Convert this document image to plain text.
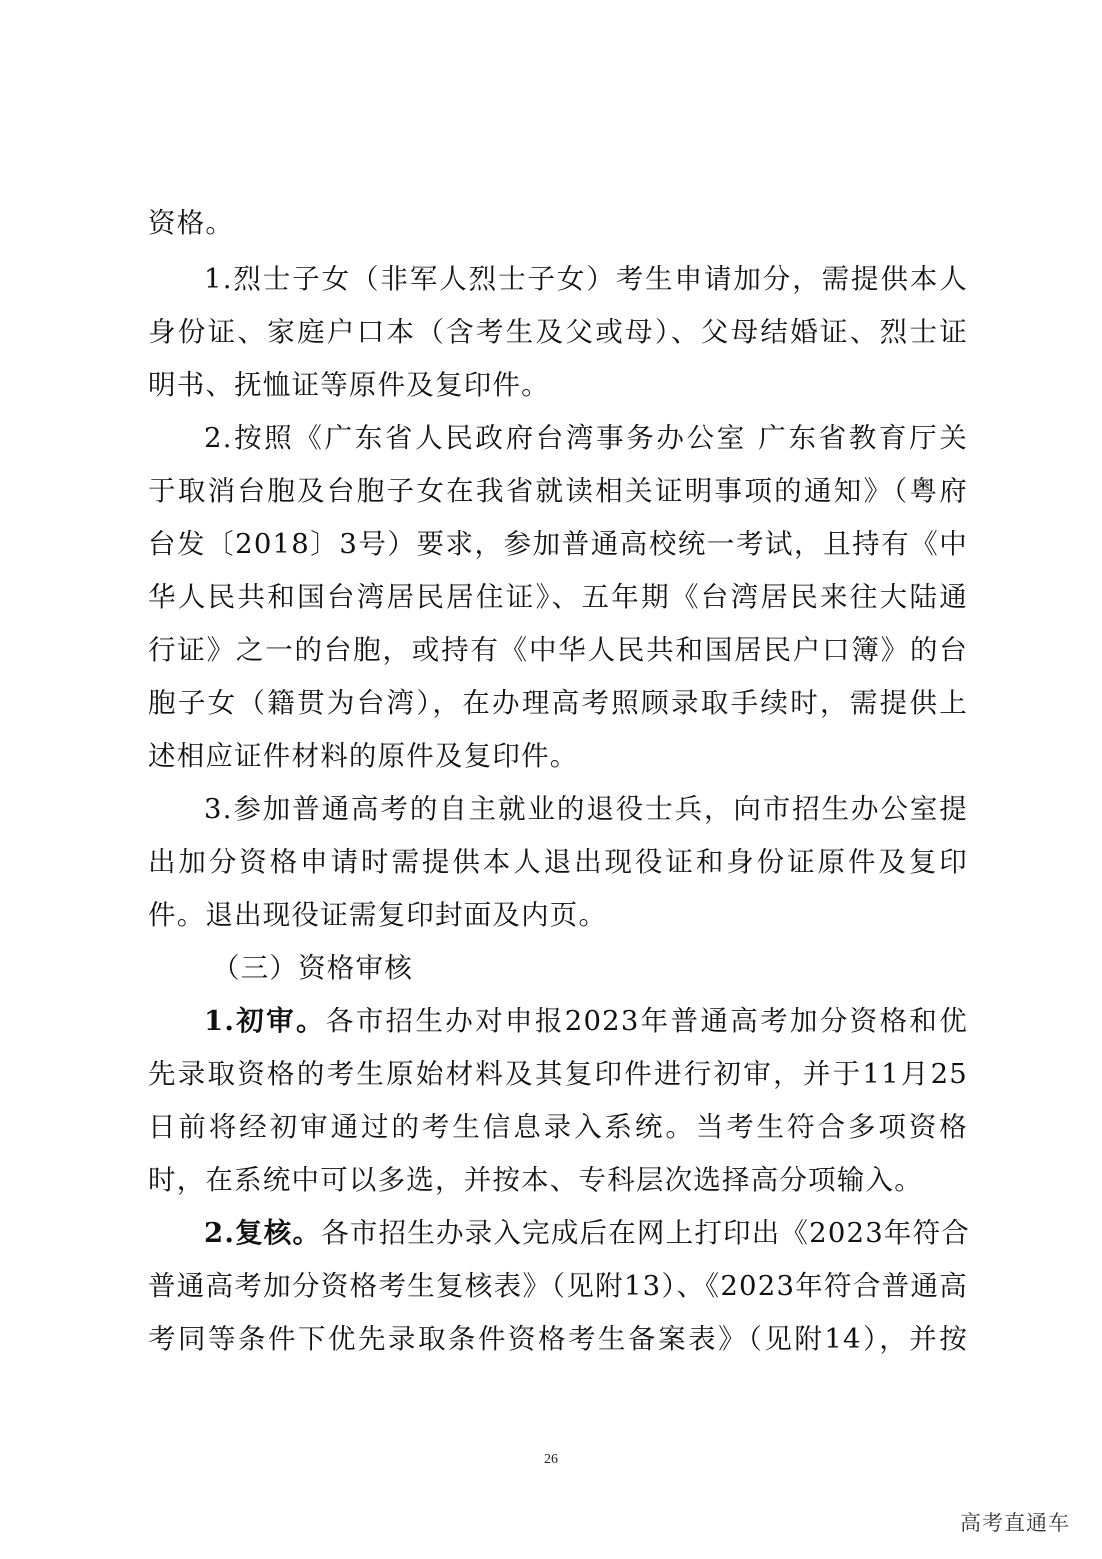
资格。
1.烈士子女（非军人烈士子女）考生申请加分，需提供本人
身份证、家庭户口本（含考生及父或母）、父母结婚证、烈士证
明书、抚恤证等原件及复印件。
2.按照《广东省人民政府台湾事务办公室 广东省教育厅关
于取消台胞及台胞子女在我省就读相关证明事项的通知》（粤府
台发〔2018〕3号）要求，参加普通高校统一考试，且持有《中
华人民共和国台湾居民居住证》、五年期《台湾居民来往大陆通
行证》之一的台胞，或持有《中华人民共和国居民户口簿》的台
胞子女（籍贯为台湾），在办理高考照顾录取手续时，需提供上
述相应证件材料的原件及复印件。
3.参加普通高考的自主就业的退役士兵，向市招生办公室提
出加分资格申请时需提供本人退出现役证和身份证原件及复印
件。退出现役证需复印封面及内页。
（三）资格审核
1.初审。各市招生办对申报2023年普通高考加分资格和优
先录取资格的考生原始材料及其复印件进行初审，并于11月25
日前将经初审通过的考生信息录入系统。当考生符合多项资格
时，在系统中可以多选，并按本、专科层次选择高分项输入。
2.复核。各市招生办录入完成后在网上打印出《2023年符合
普通高考加分资格考生复核表》（见附13）、《2023年符合普通高
考同等条件下优先录取条件资格考生备案表》（见附14），并按
26
高考直通车
